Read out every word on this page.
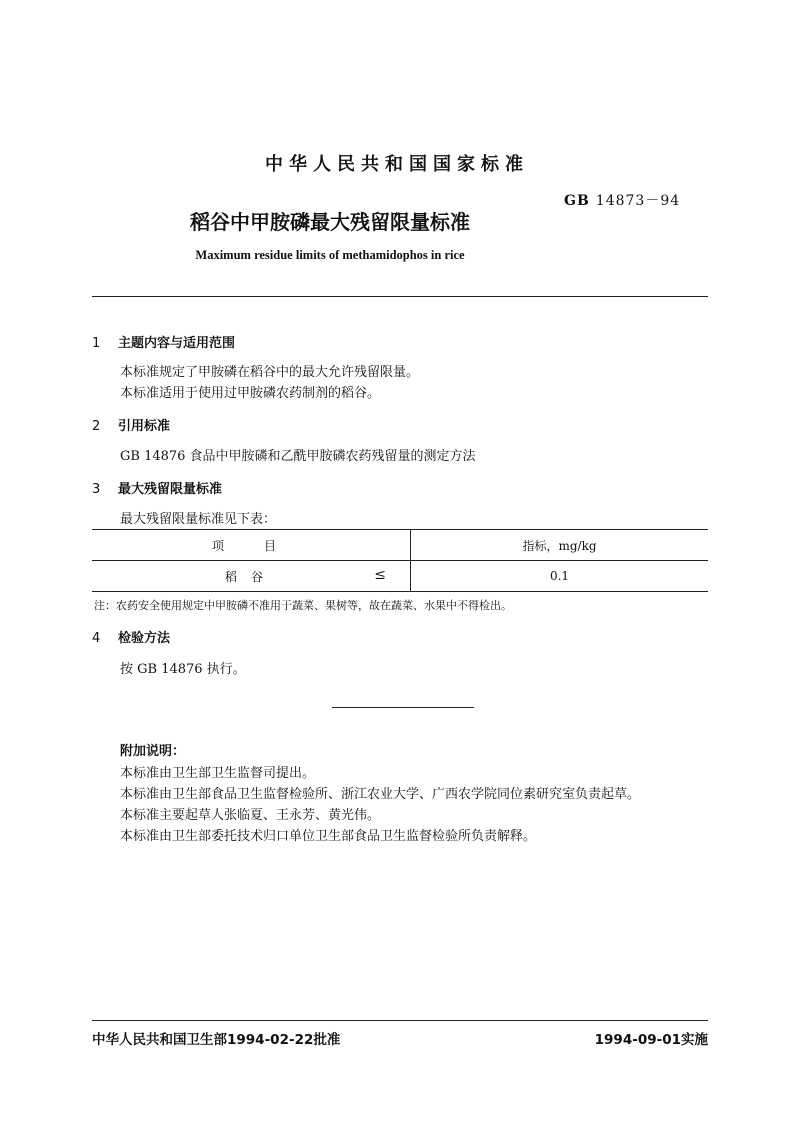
中华人民共和国国家标准
GB 14873－94
稻谷中甲胺磷最大残留限量标准
Maximum residue limits of methamidophos in rice
1 主题内容与适用范围
本标准规定了甲胺磷在稻谷中的最大允许残留限量。
本标准适用于使用过甲胺磷农药制剂的稻谷。
2 引用标准
GB 14876 食品中甲胺磷和乙酰甲胺磷农药残留量的测定方法
3 最大残留限量标准
最大残留限量标准见下表：
项　目	指标，mg/kg

稻谷 ≤	0.1
注：农药安全使用规定中甲胺磷不准用于蔬菜、果树等，故在蔬菜、水果中不得检出。
4 检验方法
按 GB 14876 执行。
附加说明：
本标准由卫生部卫生监督司提出。
本标准由卫生部食品卫生监督检验所、浙江农业大学、广西农学院同位素研究室负责起草。
本标准主要起草人张临夏、王永芳、黄光伟。
本标准由卫生部委托技术归口单位卫生部食品卫生监督检验所负责解释。
中华人民共和国卫生部1994-02-22批准	1994-09-01实施
